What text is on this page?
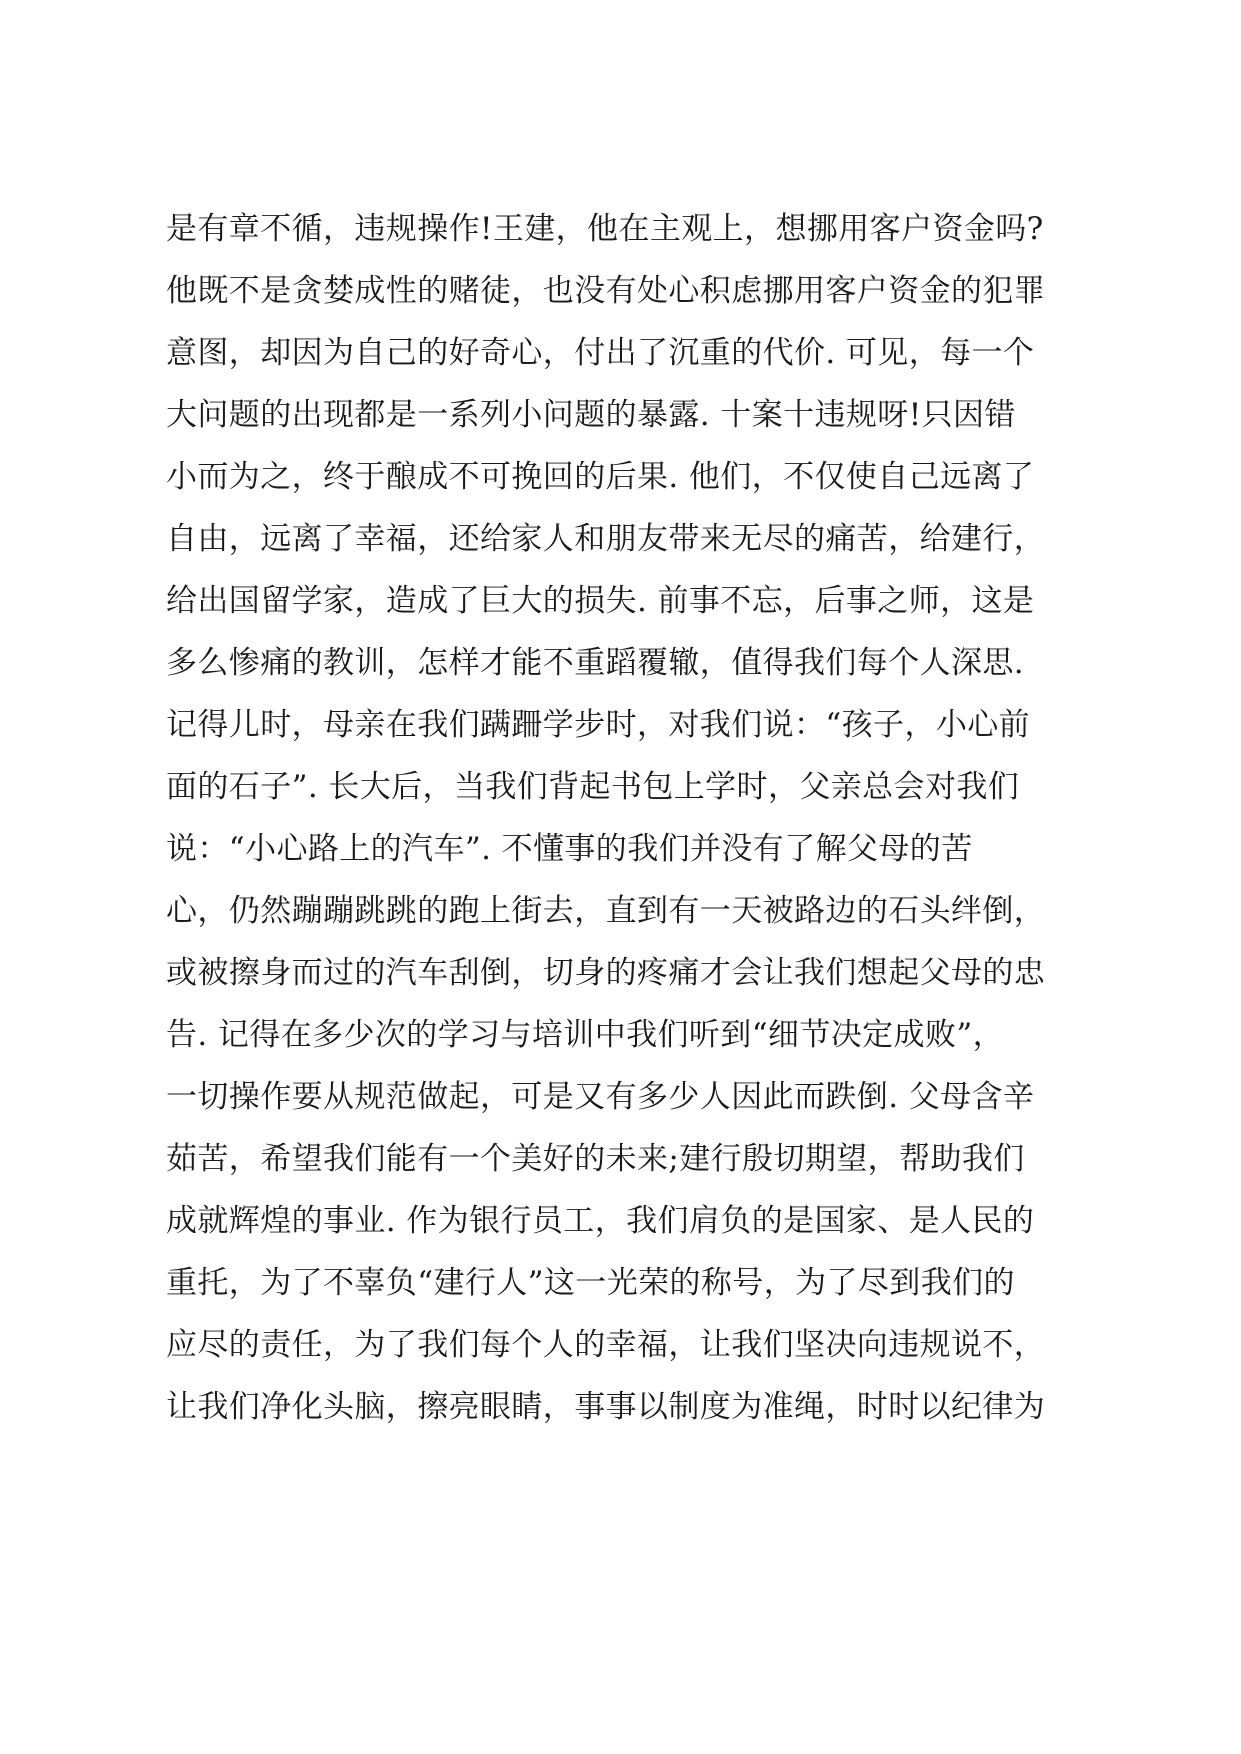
是有章不循，违规操作!王建，他在主观上，想挪用客户资金吗?
他既不是贪婪成性的赌徒，也没有处心积虑挪用客户资金的犯罪
意图，却因为自己的好奇心，付出了沉重的代价. 可见，每一个
大问题的出现都是一系列小问题的暴露. 十案十违规呀!只因错
小而为之，终于酿成不可挽回的后果. 他们，不仅使自己远离了
自由，远离了幸福，还给家人和朋友带来无尽的痛苦，给建行，
给出国留学家，造成了巨大的损失. 前事不忘，后事之师，这是
多么惨痛的教训，怎样才能不重蹈覆辙，值得我们每个人深思.
记得儿时，母亲在我们蹒跚学步时，对我们说：“孩子，小心前
面的石子”. 长大后，当我们背起书包上学时，父亲总会对我们
说：“小心路上的汽车”. 不懂事的我们并没有了解父母的苦
心，仍然蹦蹦跳跳的跑上街去，直到有一天被路边的石头绊倒，
或被擦身而过的汽车刮倒，切身的疼痛才会让我们想起父母的忠
告. 记得在多少次的学习与培训中我们听到“细节决定成败”，
一切操作要从规范做起，可是又有多少人因此而跌倒. 父母含辛
茹苦，希望我们能有一个美好的未来;建行殷切期望，帮助我们
成就辉煌的事业. 作为银行员工，我们肩负的是国家、是人民的
重托，为了不辜负“建行人”这一光荣的称号，为了尽到我们的
应尽的责任，为了我们每个人的幸福，让我们坚决向违规说不，
让我们净化头脑，擦亮眼睛，事事以制度为准绳，时时以纪律为
